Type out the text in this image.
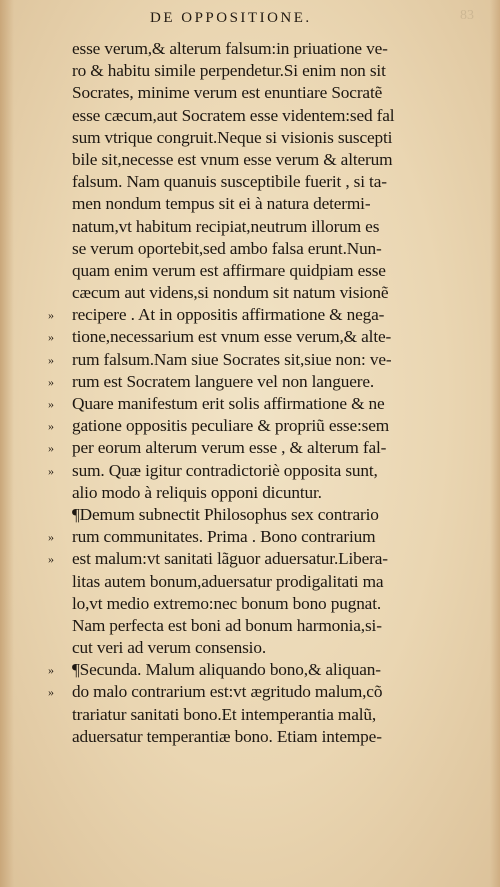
DE OPPOSITIONE.	83
esse verum,& alterum falsum:in priuatione ve-
ro & habitu simile perpendetur.Si enim non sit
Socrates, minime verum est enuntiare Socratẽ
esse cæcum,aut Socratem esse videntem:sed fal
sum vtrique congruit.Neque si visionis suscepti
bile sit,necesse est vnum esse verum & alterum
falsum. Nam quanuis susceptibile fuerit , si ta-
men nondum tempus sit ei à natura determi-
natum,vt habitum recipiat,neutrum illorum es
se verum oportebit,sed ambo falsa erunt.Nun-
quam enim verum est affirmare quidpiam esse
cæcum aut videns,si nondum sit natum visionẽ
» recipere . At in oppositis affirmatione & nega-
» tione,necessarium est vnum esse verum,& alte-
» rum falsum.Nam siue Socrates sit,siue non: ve-
» rum est Socratem languere vel non languere.
» Quare manifestum erit solis affirmatione & ne
» gatione oppositis peculiare & propriũ esse:sem
» per eorum alterum verum esse , & alterum fal-
» sum. Quæ igitur contradictoriè opposita sunt,
alio modo à reliquis opponi dicuntur.
¶Demum subnectit Philosophus sex contrario
» rum communitates. Prima . Bono contrarium
» est malum:vt sanitati lãguor aduersatur.Libera-
litas autem bonum,aduersatur prodigalitati ma
lo,vt medio extremo:nec bonum bono pugnat.
Nam perfecta est boni ad bonum harmonia,si-
cut veri ad verum consensio.
» ¶Secunda. Malum aliquando bono,& aliquan-
» do malo contrarium est:vt ægritudo malum,cõ
trariatur sanitati bono.Et intemperantia malũ,
aduersatur temperantiæ bono. Etiam intempe-
